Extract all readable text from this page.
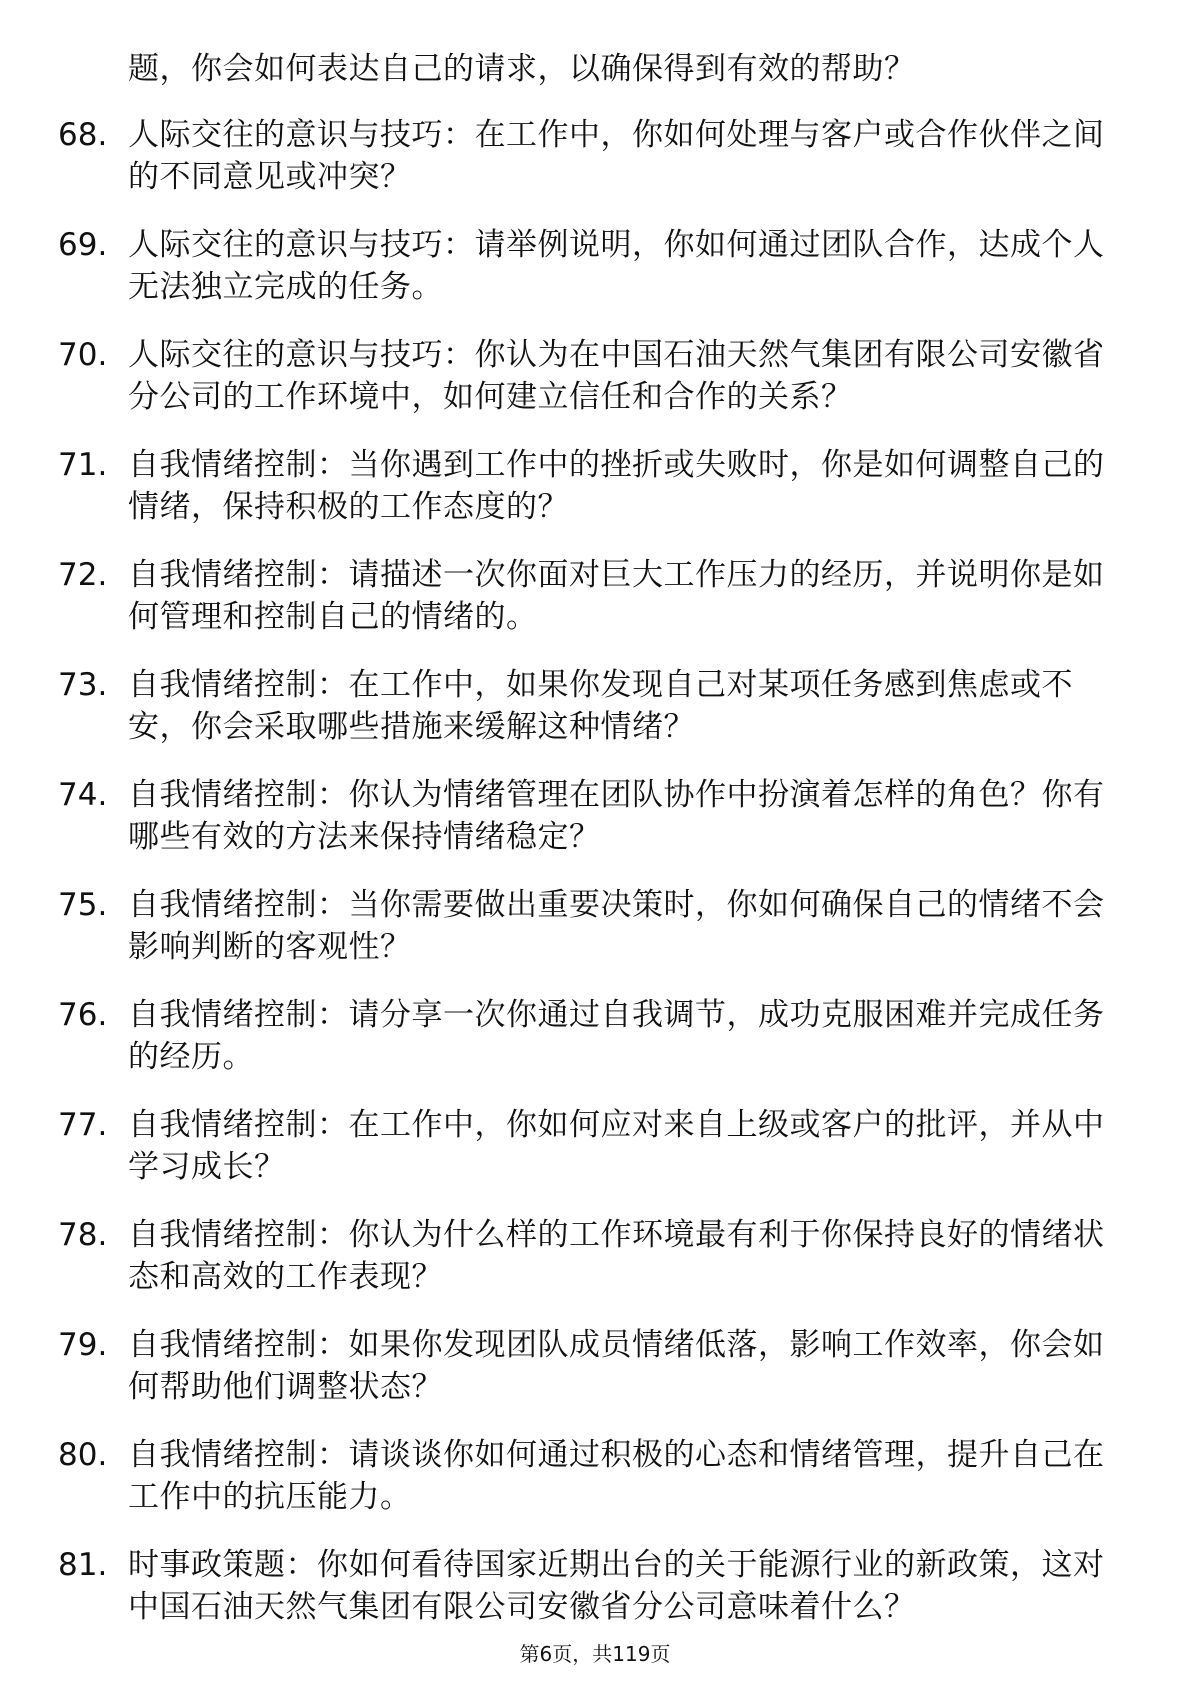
题，你会如何表达自己的请求，以确保得到有效的帮助？
68. 人际交往的意识与技巧：在工作中，你如何处理与客户或合作伙伴之间的不同意见或冲突？
69. 人际交往的意识与技巧：请举例说明，你如何通过团队合作，达成个人无法独立完成的任务。
70. 人际交往的意识与技巧：你认为在中国石油天然气集团有限公司安徽省分公司的工作环境中，如何建立信任和合作的关系？
71. 自我情绪控制：当你遇到工作中的挫折或失败时，你是如何调整自己的情绪，保持积极的工作态度的？
72. 自我情绪控制：请描述一次你面对巨大工作压力的经历，并说明你是如何管理和控制自己的情绪的。
73. 自我情绪控制：在工作中，如果你发现自己对某项任务感到焦虑或不安，你会采取哪些措施来缓解这种情绪？
74. 自我情绪控制：你认为情绪管理在团队协作中扮演着怎样的角色？你有哪些有效的方法来保持情绪稳定？
75. 自我情绪控制：当你需要做出重要决策时，你如何确保自己的情绪不会影响判断的客观性？
76. 自我情绪控制：请分享一次你通过自我调节，成功克服困难并完成任务的经历。
77. 自我情绪控制：在工作中，你如何应对来自上级或客户的批评，并从中学习成长？
78. 自我情绪控制：你认为什么样的工作环境最有利于你保持良好的情绪状态和高效的工作表现？
79. 自我情绪控制：如果你发现团队成员情绪低落，影响工作效率，你会如何帮助他们调整状态？
80. 自我情绪控制：请谈谈你如何通过积极的心态和情绪管理，提升自己在工作中的抗压能力。
81. 时事政策题：你如何看待国家近期出台的关于能源行业的新政策，这对中国石油天然气集团有限公司安徽省分公司意味着什么？
第6页，共119页
